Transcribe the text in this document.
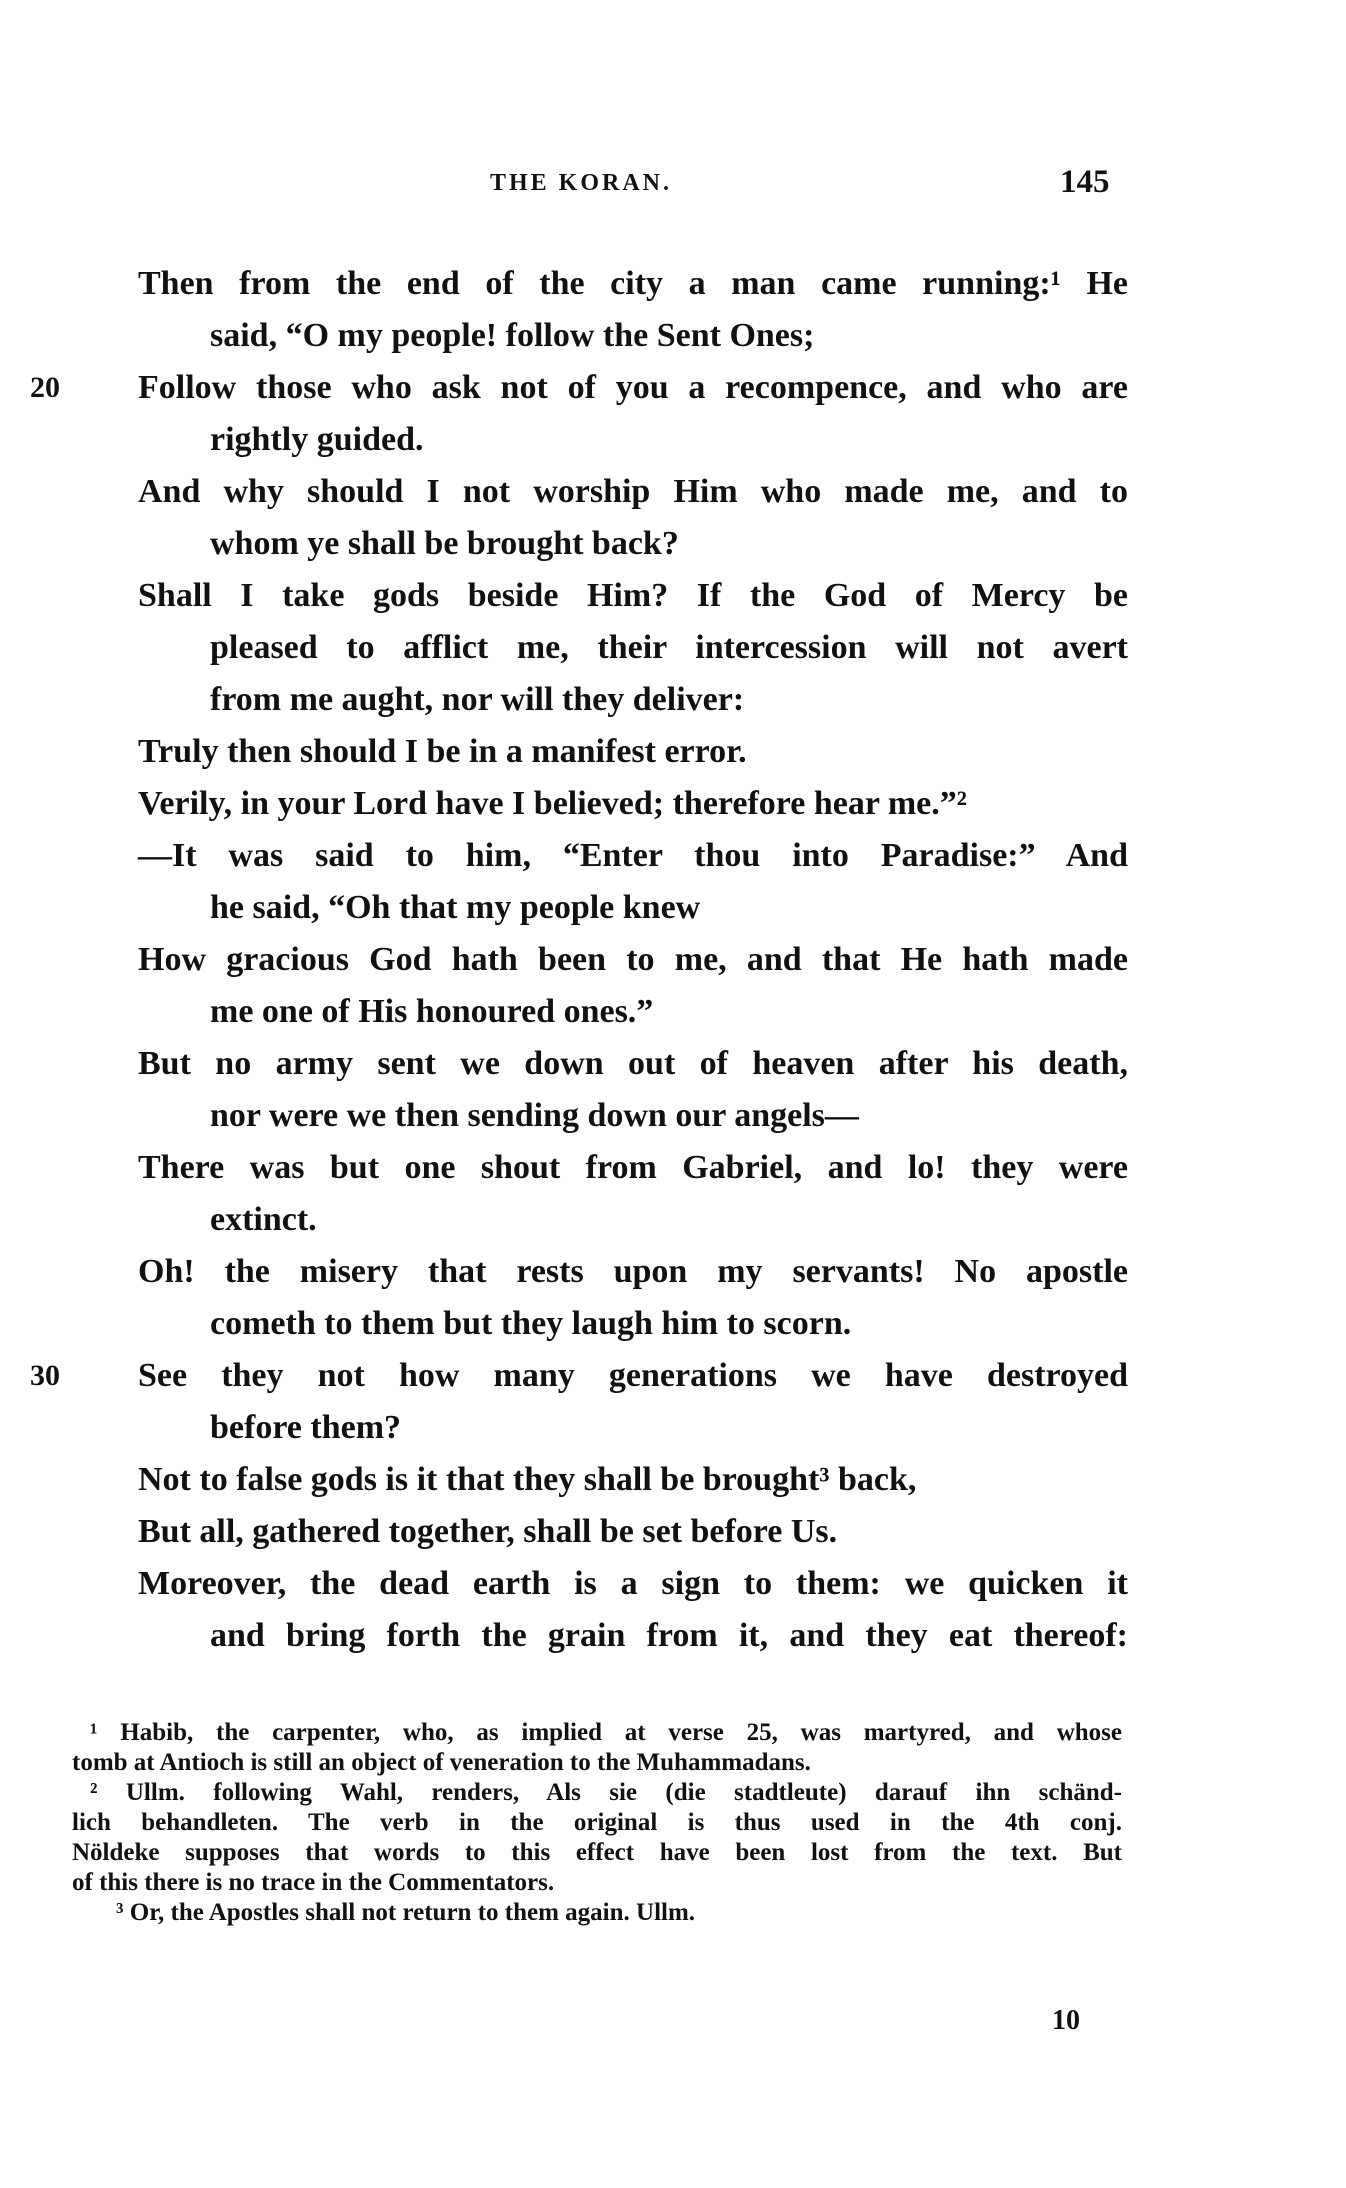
THE KORAN.	145
Then from the end of the city a man came running:¹ He
said, “O my people! follow the Sent Ones;
Follow those who ask not of you a recompence, and who are
20
rightly guided.
And why should I not worship Him who made me, and to
whom ye shall be brought back?
Shall I take gods beside Him? If the God of Mercy be
pleased to afflict me, their intercession will not avert
from me aught, nor will they deliver:
Truly then should I be in a manifest error.
Verily, in your Lord have I believed; therefore hear me.”²
—It was said to him, “Enter thou into Paradise:” And
he said, “Oh that my people knew
How gracious God hath been to me, and that He hath made
me one of His honoured ones.”
But no army sent we down out of heaven after his death,
nor were we then sending down our angels—
There was but one shout from Gabriel, and lo! they were
extinct.
Oh! the misery that rests upon my servants! No apostle
cometh to them but they laugh him to scorn.
See they not how many generations we have destroyed
30
before them?
Not to false gods is it that they shall be brought³ back,
But all, gathered together, shall be set before Us.
Moreover, the dead earth is a sign to them: we quicken it
and bring forth the grain from it, and they eat thereof:
¹ Habib, the carpenter, who, as implied at verse 25, was martyred, and whose
tomb at Antioch is still an object of veneration to the Muhammadans.
² Ullm. following Wahl, renders, Als sie (die stadtleute) darauf ihn schänd-
lich behandleten. The verb in the original is thus used in the 4th conj.
Nöldeke supposes that words to this effect have been lost from the text. But
of this there is no trace in the Commentators.
³ Or, the Apostles shall not return to them again. Ullm.
10
